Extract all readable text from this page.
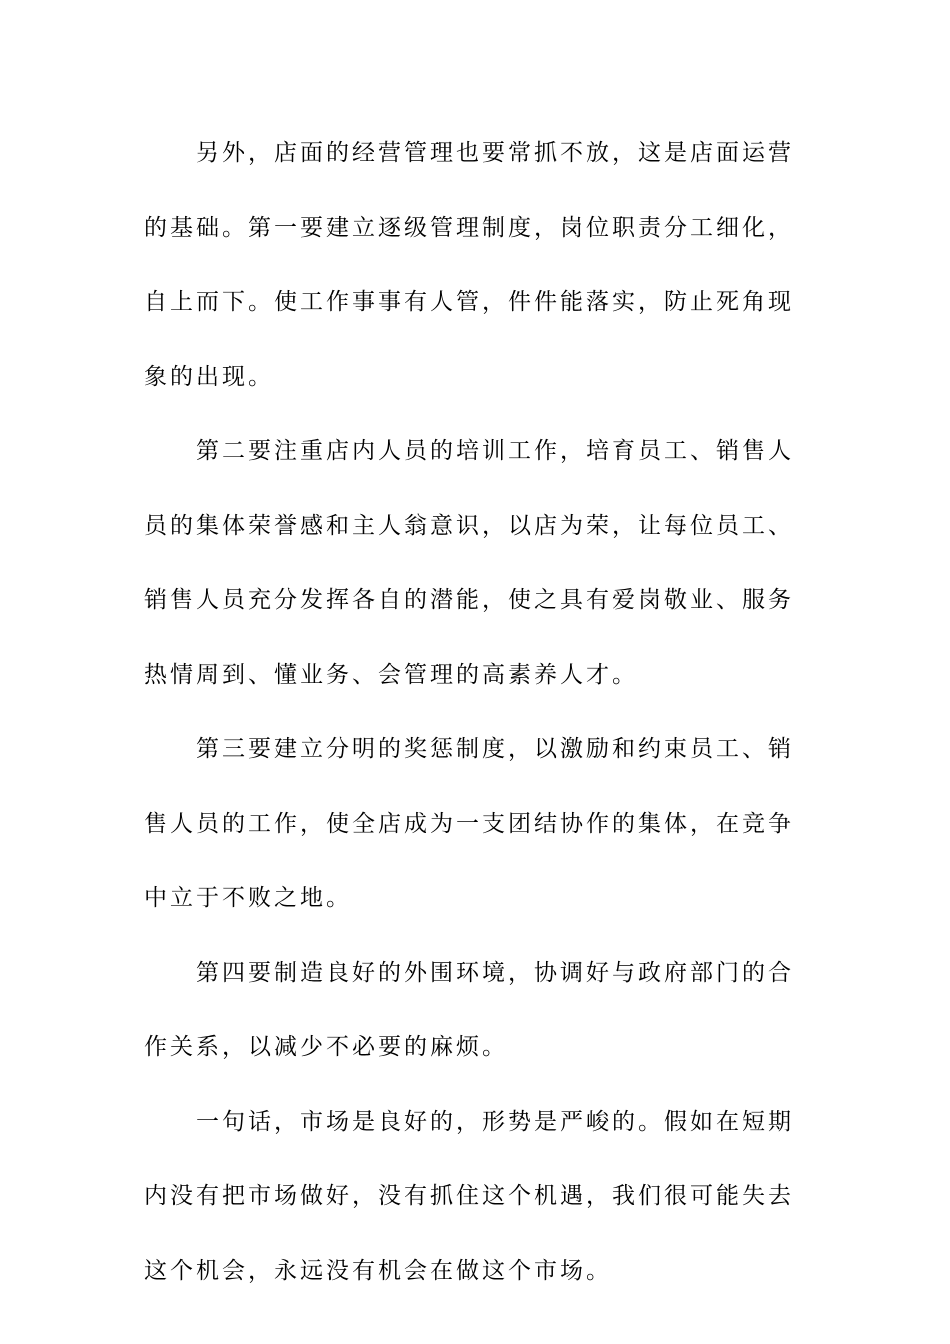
另外，店面的经营管理也要常抓不放，这是店面运营的基础。第一要建立逐级管理制度，岗位职责分工细化，自上而下。使工作事事有人管，件件能落实，防止死角现象的出现。

第二要注重店内人员的培训工作，培育员工、销售人员的集体荣誉感和主人翁意识，以店为荣，让每位员工、销售人员充分发挥各自的潜能，使之具有爱岗敬业、服务热情周到、懂业务、会管理的高素养人才。

第三要建立分明的奖惩制度，以激励和约束员工、销售人员的工作，使全店成为一支团结协作的集体，在竞争中立于不败之地。

第四要制造良好的外围环境，协调好与政府部门的合作关系，以减少不必要的麻烦。

一句话，市场是良好的，形势是严峻的。假如在短期内没有把市场做好，没有抓住这个机遇，我们很可能失去这个机会，永远没有机会在做这个市场。
